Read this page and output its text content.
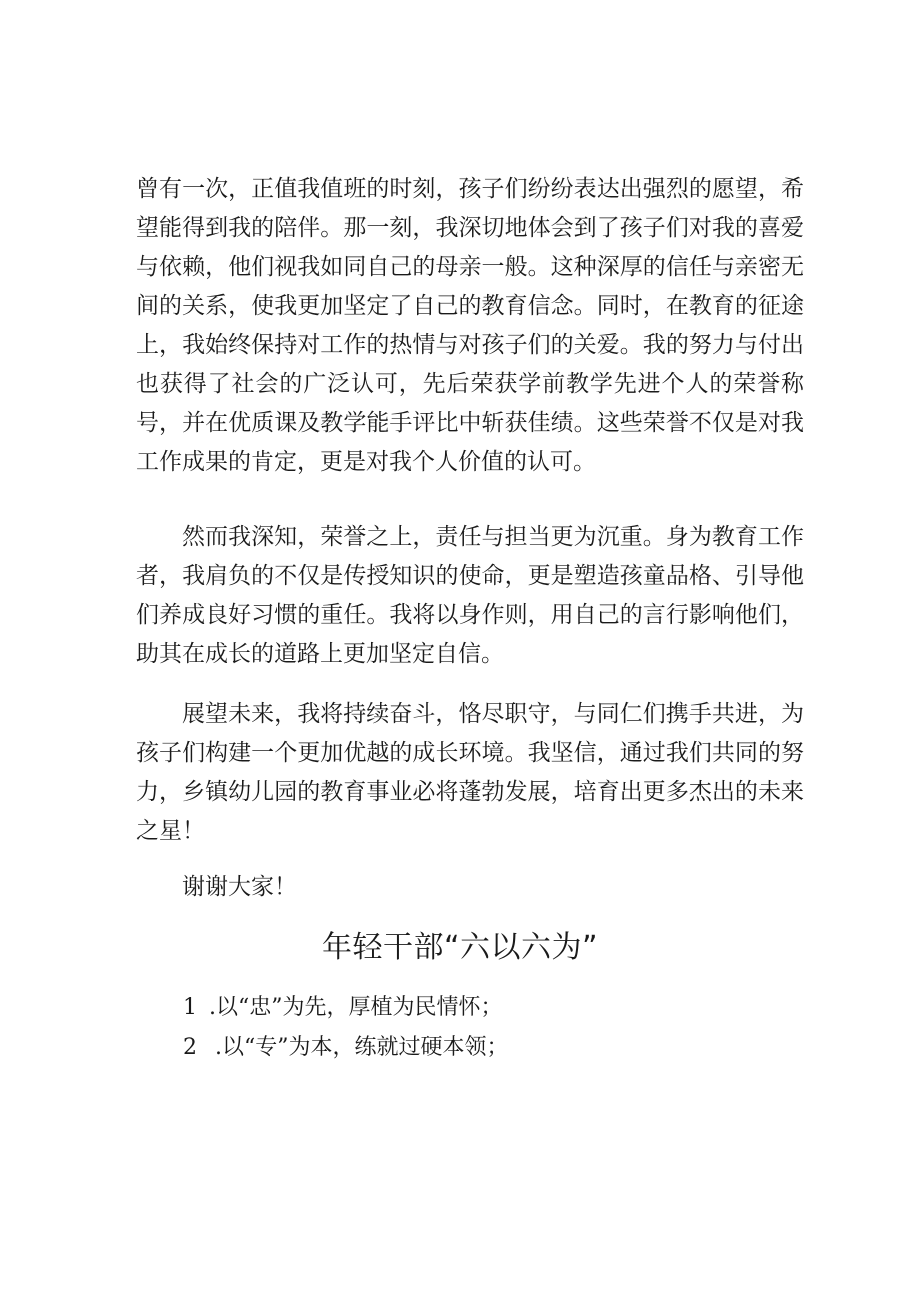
曾有一次，正值我值班的时刻，孩子们纷纷表达出强烈的愿望，希望能得到我的陪伴。那一刻，我深切地体会到了孩子们对我的喜爱与依赖，他们视我如同自己的母亲一般。这种深厚的信任与亲密无间的关系，使我更加坚定了自己的教育信念。同时，在教育的征途上，我始终保持对工作的热情与对孩子们的关爱。我的努力与付出也获得了社会的广泛认可，先后荣获学前教学先进个人的荣誉称号，并在优质课及教学能手评比中斩获佳绩。这些荣誉不仅是对我工作成果的肯定，更是对我个人价值的认可。

然而我深知，荣誉之上，责任与担当更为沉重。身为教育工作者，我肩负的不仅是传授知识的使命，更是塑造孩童品格、引导他们养成良好习惯的重任。我将以身作则，用自己的言行影响他们，助其在成长的道路上更加坚定自信。

展望未来，我将持续奋斗，恪尽职守，与同仁们携手共进，为孩子们构建一个更加优越的成长环境。我坚信，通过我们共同的努力，乡镇幼儿园的教育事业必将蓬勃发展，培育出更多杰出的未来之星！

谢谢大家！

年轻干部“六以六为”
1 .以“忠”为先，厚植为民情怀；
2 .以“专”为本，练就过硬本领；
